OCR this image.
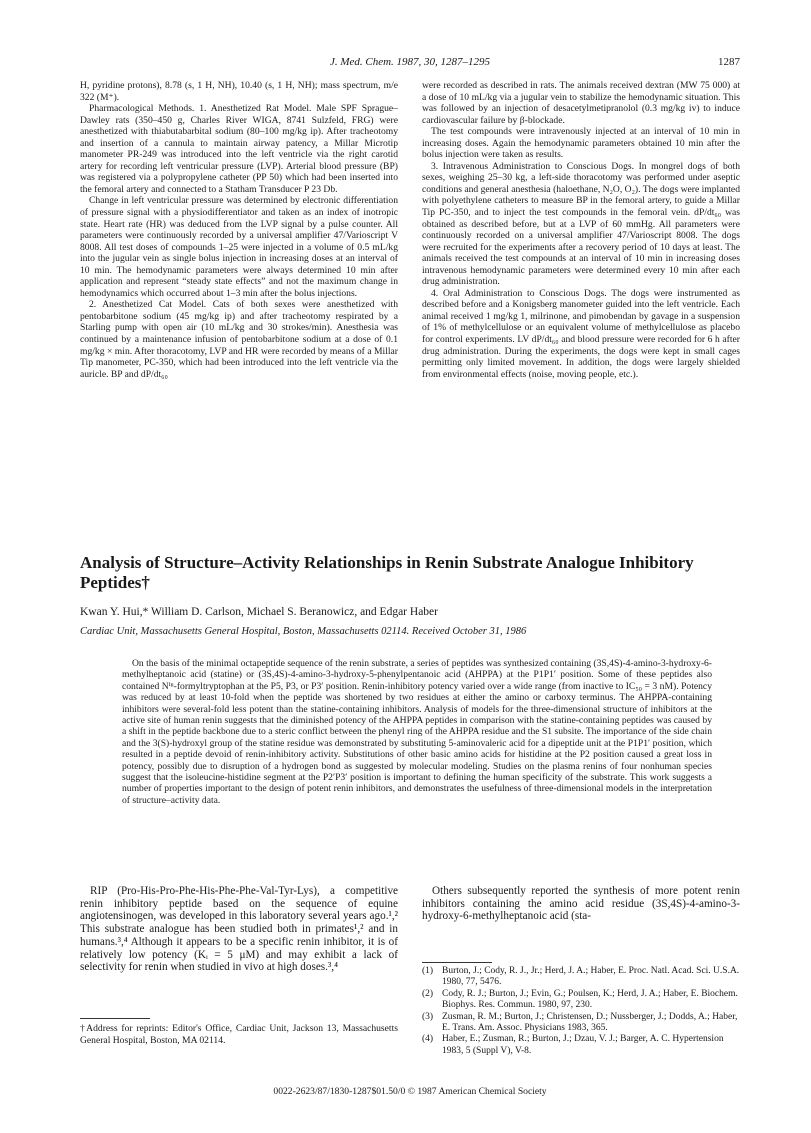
J. Med. Chem. 1987, 30, 1287–1295	1287

H, pyridine protons), 8.78 (s, 1 H, NH), 10.40 (s, 1 H, NH); mass spectrum, m/e 322 (M⁺).

Pharmacological Methods. 1. Anesthetized Rat Model. Male SPF Sprague–Dawley rats (350–450 g, Charles River WIGA, 8741 Sulzfeld, FRG) were anesthetized with thiabutabarbital sodium (80–100 mg/kg ip). After tracheotomy and insertion of a cannula to maintain airway patency, a Millar Microtip manometer PR-249 was introduced into the left ventricle via the right carotid artery for recording left ventricular pressure (LVP). Arterial blood pressure (BP) was registered via a polypropylene catheter (PP 50) which had been inserted into the femoral artery and connected to a Statham Transducer P 23 Db.

Change in left ventricular pressure was determined by electronic differentiation of pressure signal with a physiodifferentiator and taken as an index of inotropic state. Heart rate (HR) was deduced from the LVP signal by a pulse counter. All parameters were continuously recorded by a universal amplifier 47/Varioscript V 8008. All test doses of compounds 1–25 were injected in a volume of 0.5 mL/kg into the jugular vein as single bolus injection in increasing doses at an interval of 10 min. The hemodynamic parameters were always determined 10 min after application and represent “steady state effects” and not the maximum change in hemodynamics which occurred about 1–3 min after the bolus injections.

2. Anesthetized Cat Model. Cats of both sexes were anesthetized with pentobarbitone sodium (45 mg/kg ip) and after tracheotomy respirated by a Starling pump with open air (10 mL/kg and 30 strokes/min). Anesthesia was continued by a maintenance infusion of pentobarbitone sodium at a dose of 0.1 mg/kg × min. After thoracotomy, LVP and HR were recorded by means of a Millar Tip manometer, PC-350, which had been introduced into the left ventricle via the auricle. BP and dP/dt₆₀

were recorded as described in rats. The animals received dextran (MW 75 000) at a dose of 10 mL/kg via a jugular vein to stabilize the hemodynamic situation. This was followed by an injection of desacetylmetipranolol (0.3 mg/kg iv) to induce cardiovascular failure by β-blockade.

The test compounds were intravenously injected at an interval of 10 min in increasing doses. Again the hemodynamic parameters obtained 10 min after the bolus injection were taken as results.

3. Intravenous Administration to Conscious Dogs. In mongrel dogs of both sexes, weighing 25–30 kg, a left-side thoracotomy was performed under aseptic conditions and general anesthesia (haloethane, N₂O, O₂). The dogs were implanted with polyethylene catheters to measure BP in the femoral artery, to guide a Millar Tip PC-350, and to inject the test compounds in the femoral vein. dP/dt₆₀ was obtained as described before, but at a LVP of 60 mmHg. All parameters were continuously recorded on a universal amplifier 47/Varioscript 8008. The dogs were recruited for the experiments after a recovery period of 10 days at least. The animals received the test compounds at an interval of 10 min in increasing doses intravenous hemodynamic parameters were determined every 10 min after each drug administration.

4. Oral Administration to Conscious Dogs. The dogs were instrumented as described before and a Konigsberg manometer guided into the left ventricle. Each animal received 1 mg/kg 1, milrinone, and pimobendan by gavage in a suspension of 1% of methylcellulose or an equivalent volume of methylcellulose as placebo for control experiments. LV dP/dt₆₀ and blood pressure were recorded for 6 h after drug administration. During the experiments, the dogs were kept in small cages permitting only limited movement. In addition, the dogs were largely shielded from environmental effects (noise, moving people, etc.).

Analysis of Structure–Activity Relationships in Renin Substrate Analogue Inhibitory Peptides†
Kwan Y. Hui,* William D. Carlson, Michael S. Beranowicz, and Edgar Haber
Cardiac Unit, Massachusetts General Hospital, Boston, Massachusetts 02114. Received October 31, 1986

On the basis of the minimal octapeptide sequence of the renin substrate, a series of peptides was synthesized containing (3S,4S)-4-amino-3-hydroxy-6-methylheptanoic acid (statine) or (3S,4S)-4-amino-3-hydroxy-5-phenylpentanoic acid (AHPPA) at the P1P1′ position. Some of these peptides also contained Nⁱⁿ-formyltryptophan at the P5, P3, or P3′ position. Renin-inhibitory potency varied over a wide range (from inactive to IC₅₀ = 3 nM). Potency was reduced by at least 10-fold when the peptide was shortened by two residues at either the amino or carboxy terminus. The AHPPA-containing inhibitors were several-fold less potent than the statine-containing inhibitors. Analysis of models for the three-dimensional structure of inhibitors at the active site of human renin suggests that the diminished potency of the AHPPA peptides in comparison with the statine-containing peptides was caused by a shift in the peptide backbone due to a steric conflict between the phenyl ring of the AHPPA residue and the S1 subsite. The importance of the side chain and the 3(S)-hydroxyl group of the statine residue was demonstrated by substituting 5-aminovaleric acid for a dipeptide unit at the P1P1′ position, which resulted in a peptide devoid of renin-inhibitory activity. Substitutions of other basic amino acids for histidine at the P2 position caused a great loss in potency, possibly due to disruption of a hydrogen bond as suggested by molecular modeling. Studies on the plasma renins of four nonhuman species suggest that the isoleucine-histidine segment at the P2′P3′ position is important to defining the human specificity of the substrate. This work suggests a number of properties important to the design of potent renin inhibitors, and demonstrates the usefulness of three-dimensional models in the interpretation of structure–activity data.

RIP (Pro-His-Pro-Phe-His-Phe-Phe-Val-Tyr-Lys), a competitive renin inhibitory peptide based on the sequence of equine angiotensinogen, was developed in this laboratory several years ago.¹,² This substrate analogue has been studied both in primates¹,² and in humans.³,⁴ Although it appears to be a specific renin inhibitor, it is of relatively low potency (Kᵢ = 5 μM) and may exhibit a lack of selectivity for renin when studied in vivo at high doses.³,⁴

Others subsequently reported the synthesis of more potent renin inhibitors containing the amino acid residue (3S,4S)-4-amino-3-hydroxy-6-methylheptanoic acid (sta-

†Address for reprints: Editor's Office, Cardiac Unit, Jackson 13, Massachusetts General Hospital, Boston, MA 02114.
(1) Burton, J.; Cody, R. J., Jr.; Herd, J. A.; Haber, E. Proc. Natl. Acad. Sci. U.S.A. 1980, 77, 5476.
(2) Cody, R. J.; Burton, J.; Evin, G.; Poulsen, K.; Herd, J. A.; Haber, E. Biochem. Biophys. Res. Commun. 1980, 97, 230.
(3) Zusman, R. M.; Burton, J.; Christensen, D.; Nussberger, J.; Dodds, A.; Haber, E. Trans. Am. Assoc. Physicians 1983, 365.
(4) Haber, E.; Zusman, R.; Burton, J.; Dzau, V. J.; Barger, A. C. Hypertension 1983, 5 (Suppl V), V-8.
0022-2623/87/1830-1287$01.50/0 © 1987 American Chemical Society
